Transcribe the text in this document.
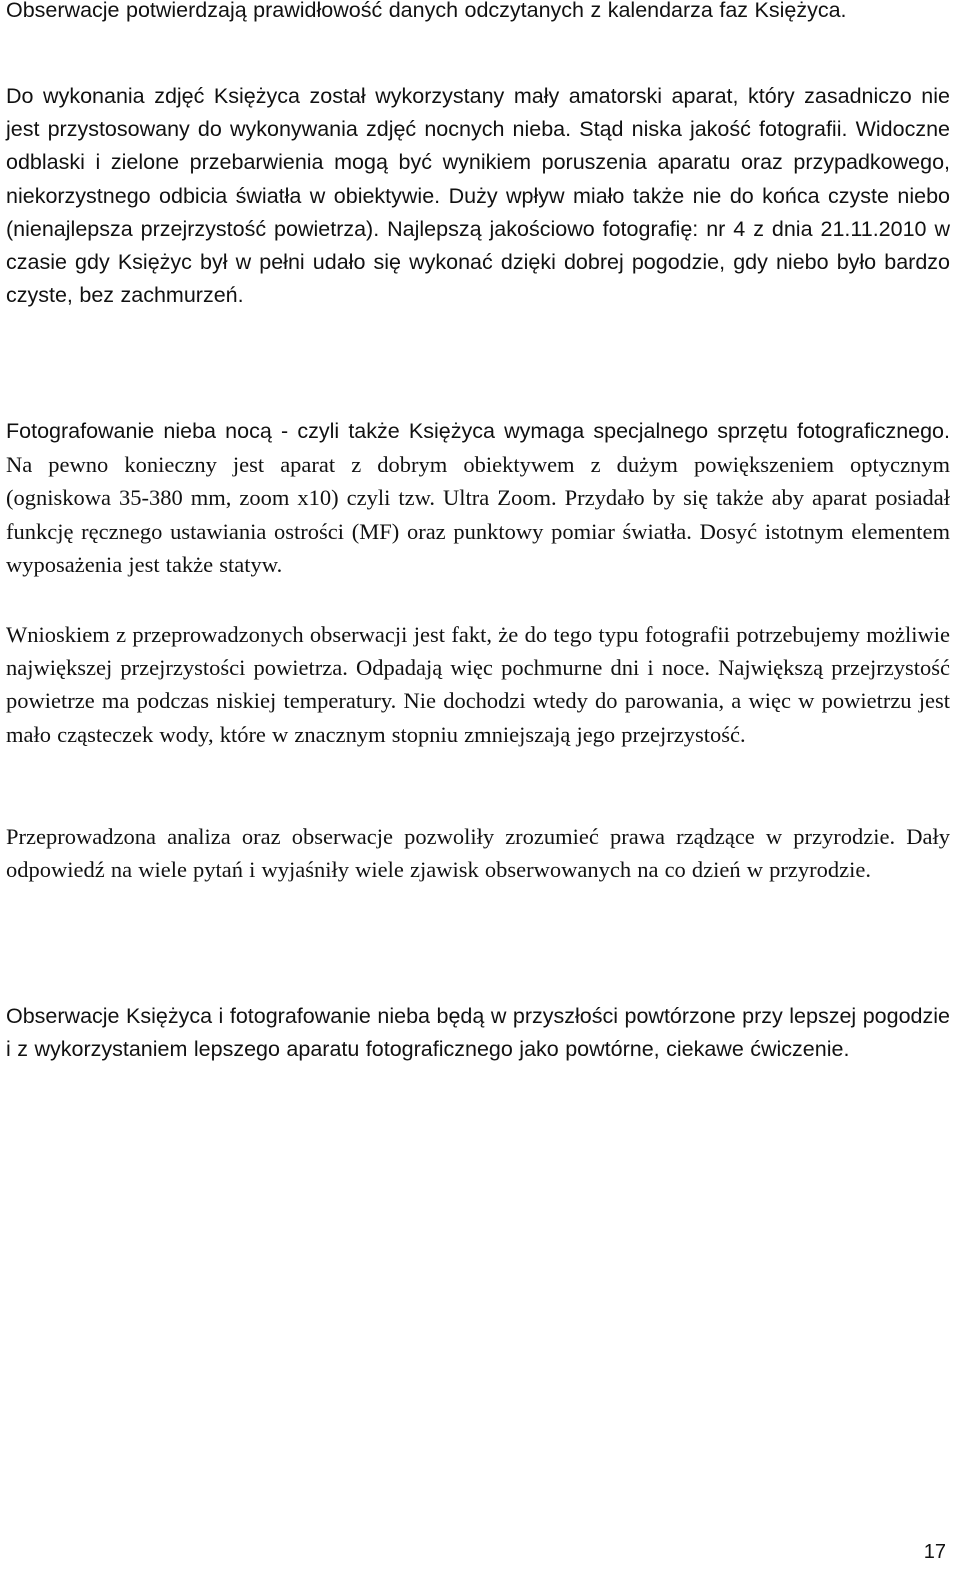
Obserwacje potwierdzają prawidłowość danych odczytanych z kalendarza faz Księżyca.

Do wykonania zdjęć Księżyca został wykorzystany mały amatorski aparat, który zasadniczo nie jest przystosowany do wykonywania zdjęć nocnych nieba. Stąd niska jakość fotografii. Widoczne odblaski i zielone przebarwienia mogą być wynikiem poruszenia aparatu oraz przypadkowego, niekorzystnego odbicia światła w obiektywie. Duży wpływ miało także nie do końca czyste niebo (nienajlepsza przejrzystość powietrza). Najlepszą jakościowo fotografię: nr 4 z dnia 21.11.2010 w czasie gdy Księżyc był w pełni udało się wykonać dzięki dobrej pogodzie, gdy niebo było bardzo czyste, bez zachmurzeń.

Fotografowanie nieba nocą - czyli także Księżyca wymaga specjalnego sprzętu fotograficznego. Na pewno konieczny jest aparat z dobrym obiektywem z dużym powiększeniem optycznym (ogniskowa 35-380 mm, zoom x10) czyli tzw. Ultra Zoom. Przydało by się także aby aparat posiadał funkcję ręcznego ustawiania ostrości (MF) oraz punktowy pomiar światła. Dosyć istotnym elementem wyposażenia jest także statyw.

Wnioskiem z przeprowadzonych obserwacji jest fakt, że do tego typu fotografii potrzebujemy możliwie największej przejrzystości powietrza. Odpadają więc pochmurne dni i noce. Największą przejrzystość powietrze ma podczas niskiej temperatury. Nie dochodzi wtedy do parowania, a więc w powietrzu jest mało cząsteczek wody, które w znacznym stopniu zmniejszają jego przejrzystość.

Przeprowadzona analiza oraz obserwacje pozwoliły zrozumieć prawa rządzące w przyrodzie. Dały odpowiedź na wiele pytań i wyjaśniły wiele zjawisk obserwowanych na co dzień w przyrodzie.

Obserwacje Księżyca i fotografowanie nieba będą w przyszłości powtórzone przy lepszej pogodzie i z wykorzystaniem lepszego aparatu fotograficznego jako powtórne, ciekawe ćwiczenie.

17
